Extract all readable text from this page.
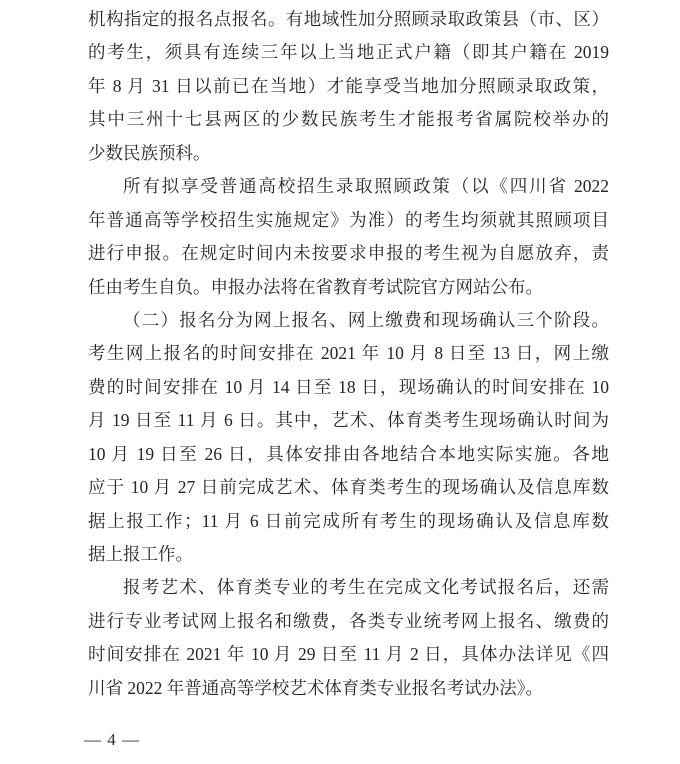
机构指定的报名点报名。有地域性加分照顾录取政策县（市、区）
的考生，须具有连续三年以上当地正式户籍（即其户籍在 2019
年 8 月 31 日以前已在当地）才能享受当地加分照顾录取政策，
其中三州十七县两区的少数民族考生才能报考省属院校举办的
少数民族预科。
所有拟享受普通高校招生录取照顾政策（以《四川省 2022
年普通高等学校招生实施规定》为准）的考生均须就其照顾项目
进行申报。在规定时间内未按要求申报的考生视为自愿放弃，责
任由考生自负。申报办法将在省教育考试院官方网站公布。
（二）报名分为网上报名、网上缴费和现场确认三个阶段。
考生网上报名的时间安排在 2021 年 10 月 8 日至 13 日，网上缴
费的时间安排在 10 月 14 日至 18 日，现场确认的时间安排在 10
月 19 日至 11 月 6 日。其中，艺术、体育类考生现场确认时间为
10 月 19 日至 26 日，具体安排由各地结合本地实际实施。各地
应于 10 月 27 日前完成艺术、体育类考生的现场确认及信息库数
据上报工作；11 月 6 日前完成所有考生的现场确认及信息库数
据上报工作。
报考艺术、体育类专业的考生在完成文化考试报名后，还需
进行专业考试网上报名和缴费，各类专业统考网上报名、缴费的
时间安排在 2021 年 10 月 29 日至 11 月 2 日，具体办法详见《四
川省 2022 年普通高等学校艺术体育类专业报名考试办法》。
— 4 —
